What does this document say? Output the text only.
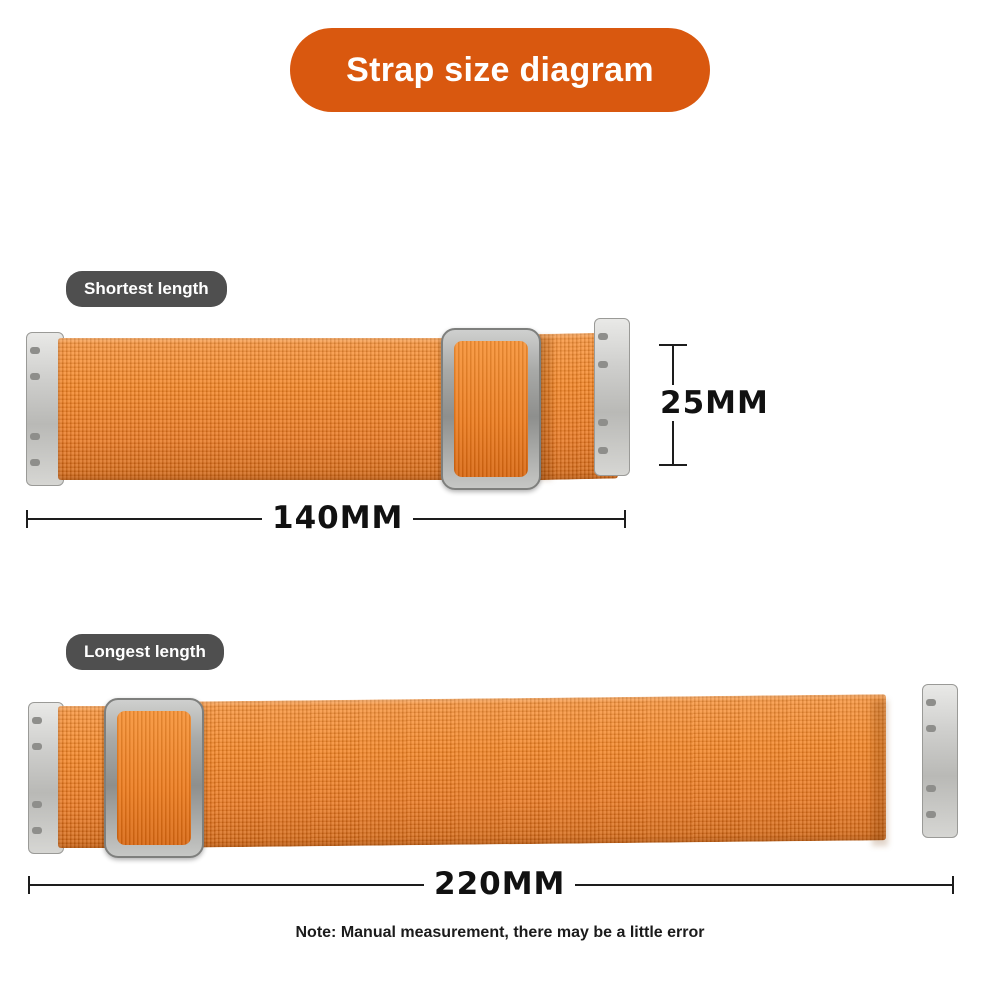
Strap size diagram
Shortest length
25MM
140MM
Longest length
220MM
Note: Manual measurement, there may be a little error
